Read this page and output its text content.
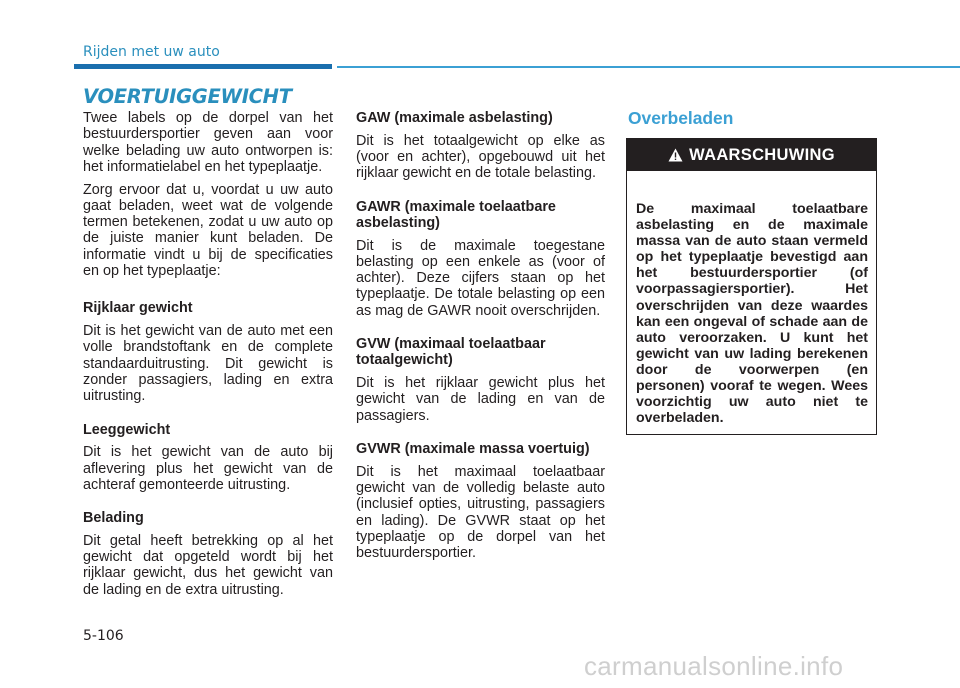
Rijden met uw auto
VOERTUIGGEWICHT

Twee labels op de dorpel van het bestuurdersportier geven aan voor welke belading uw auto ontworpen is: het informatielabel en het typeplaatje.

Zorg ervoor dat u, voordat u uw auto gaat beladen, weet wat de volgende termen betekenen, zodat u uw auto op de juiste manier kunt beladen. De informatie vindt u bij de specificaties en op het typeplaatje:

Rijklaar gewicht

Dit is het gewicht van de auto met een volle brandstoftank en de complete standaarduitrusting. Dit gewicht is zonder passagiers, lading en extra uitrusting.

Leeggewicht

Dit is het gewicht van de auto bij aflevering plus het gewicht van de achteraf gemonteerde uitrusting.

Belading

Dit getal heeft betrekking op al het gewicht dat opgeteld wordt bij het rijklaar gewicht, dus het gewicht van de lading en de extra uitrusting.

GAW (maximale asbelasting)

Dit is het totaalgewicht op elke as (voor en achter), opgebouwd uit het rijklaar gewicht en de totale belasting.

GAWR (maximale toelaatbare asbelasting)

Dit is de maximale toegestane belasting op een enkele as (voor of achter). Deze cijfers staan op het typeplaatje. De totale belasting op een as mag de GAWR nooit overschrijden.

GVW (maximaal toelaatbaar totaalgewicht)

Dit is het rijklaar gewicht plus het gewicht van de lading en van de passagiers.

GVWR (maximale massa voertuig)

Dit is het maximaal toelaatbaar gewicht van de volledig belaste auto (inclusief opties, uitrusting, passagiers en lading). De GVWR staat op het typeplaatje op de dorpel van het bestuurdersportier.

Overbeladen
WAARSCHUWING

De maximaal toelaatbare asbelasting en de maximale massa van de auto staan vermeld op het typeplaatje bevestigd aan het bestuurdersportier (of voorpassagiersportier). Het overschrijden van deze waardes kan een ongeval of schade aan de auto veroorzaken. U kunt het gewicht van uw lading berekenen door de voorwerpen (en personen) vooraf te wegen. Wees voorzichtig uw auto niet te overbeladen.

5-106
carmanualsonline.info
